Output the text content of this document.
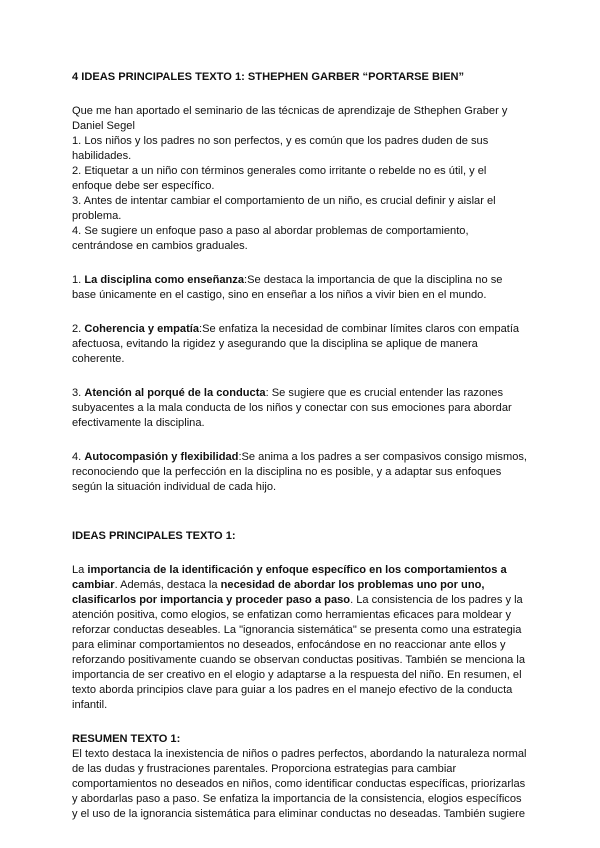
4 IDEAS PRINCIPALES TEXTO 1: STHEPHEN GARBER “PORTARSE BIEN”

Que me han aportado el seminario de las técnicas de aprendizaje de Sthephen Graber y Daniel Segel

1. Los niños y los padres no son perfectos, y es común que los padres duden de sus habilidades.

2. Etiquetar a un niño con términos generales como irritante o rebelde no es útil, y el enfoque debe ser específico.

3. Antes de intentar cambiar el comportamiento de un niño, es crucial definir y aislar el problema.

4. Se sugiere un enfoque paso a paso al abordar problemas de comportamiento, centrándose en cambios graduales.

1. La disciplina como enseñanza:Se destaca la importancia de que la disciplina no se base únicamente en el castigo, sino en enseñar a los niños a vivir bien en el mundo.

2. Coherencia y empatía:Se enfatiza la necesidad de combinar límites claros con empatía afectuosa, evitando la rigidez y asegurando que la disciplina se aplique de manera coherente.

3. Atención al porqué de la conducta: Se sugiere que es crucial entender las razones subyacentes a la mala conducta de los niños y conectar con sus emociones para abordar efectivamente la disciplina.

4. Autocompasión y flexibilidad:Se anima a los padres a ser compasivos consigo mismos, reconociendo que la perfección en la disciplina no es posible, y a adaptar sus enfoques según la situación individual de cada hijo.

IDEAS PRINCIPALES TEXTO 1:

La importancia de la identificación y enfoque específico en los comportamientos a cambiar. Además, destaca la necesidad de abordar los problemas uno por uno, clasificarlos por importancia y proceder paso a paso. La consistencia de los padres y la atención positiva, como elogios, se enfatizan como herramientas eficaces para moldear y reforzar conductas deseables. La "ignorancia sistemática" se presenta como una estrategia para eliminar comportamientos no deseados, enfocándose en no reaccionar ante ellos y reforzando positivamente cuando se observan conductas positivas. También se menciona la importancia de ser creativo en el elogio y adaptarse a la respuesta del niño. En resumen, el texto aborda principios clave para guiar a los padres en el manejo efectivo de la conducta infantil.

RESUMEN TEXTO 1:

El texto destaca la inexistencia de niños o padres perfectos, abordando la naturaleza normal de las dudas y frustraciones parentales. Proporciona estrategias para cambiar comportamientos no deseados en niños, como identificar conductas específicas, priorizarlas y abordarlas paso a paso. Se enfatiza la importancia de la consistencia, elogios específicos y el uso de la ignorancia sistemática para eliminar conductas no deseadas. También sugiere
